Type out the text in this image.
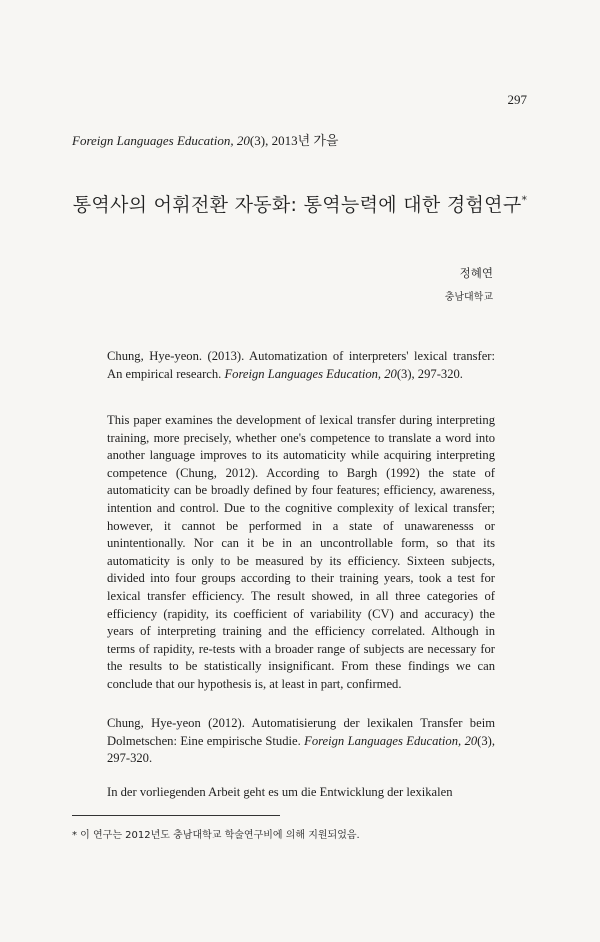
297
Foreign Languages Education, 20(3), 2013년 가을
통역사의 어휘전환 자동화: 통역능력에 대한 경험연구*
정혜연
충남대학교
Chung, Hye-yeon. (2013). Automatization of interpreters' lexical transfer: An empirical research. Foreign Languages Education, 20(3), 297-320.
This paper examines the development of lexical transfer during interpreting training, more precisely, whether one's competence to translate a word into another language improves to its automaticity while acquiring interpreting competence (Chung, 2012). According to Bargh (1992) the state of automaticity can be broadly defined by four features; efficiency, awareness, intention and control. Due to the cognitive complexity of lexical transfer; however, it cannot be performed in a state of unawarenesss or unintentionally. Nor can it be in an uncontrollable form, so that its automaticity is only to be measured by its efficiency. Sixteen subjects, divided into four groups according to their training years, took a test for lexical transfer efficiency. The result showed, in all three categories of efficiency (rapidity, its coefficient of variability (CV) and accuracy) the years of interpreting training and the efficiency correlated. Although in terms of rapidity, re-tests with a broader range of subjects are necessary for the results to be statistically insignificant. From these findings we can conclude that our hypothesis is, at least in part, confirmed.
Chung, Hye-yeon (2012). Automatisierung der lexikalen Transfer beim Dolmetschen: Eine empirische Studie. Foreign Languages Education, 20(3), 297-320.
In der vorliegenden Arbeit geht es um die Entwicklung der lexikalen
* 이 연구는 2012년도 충남대학교 학술연구비에 의해 지원되었음.
